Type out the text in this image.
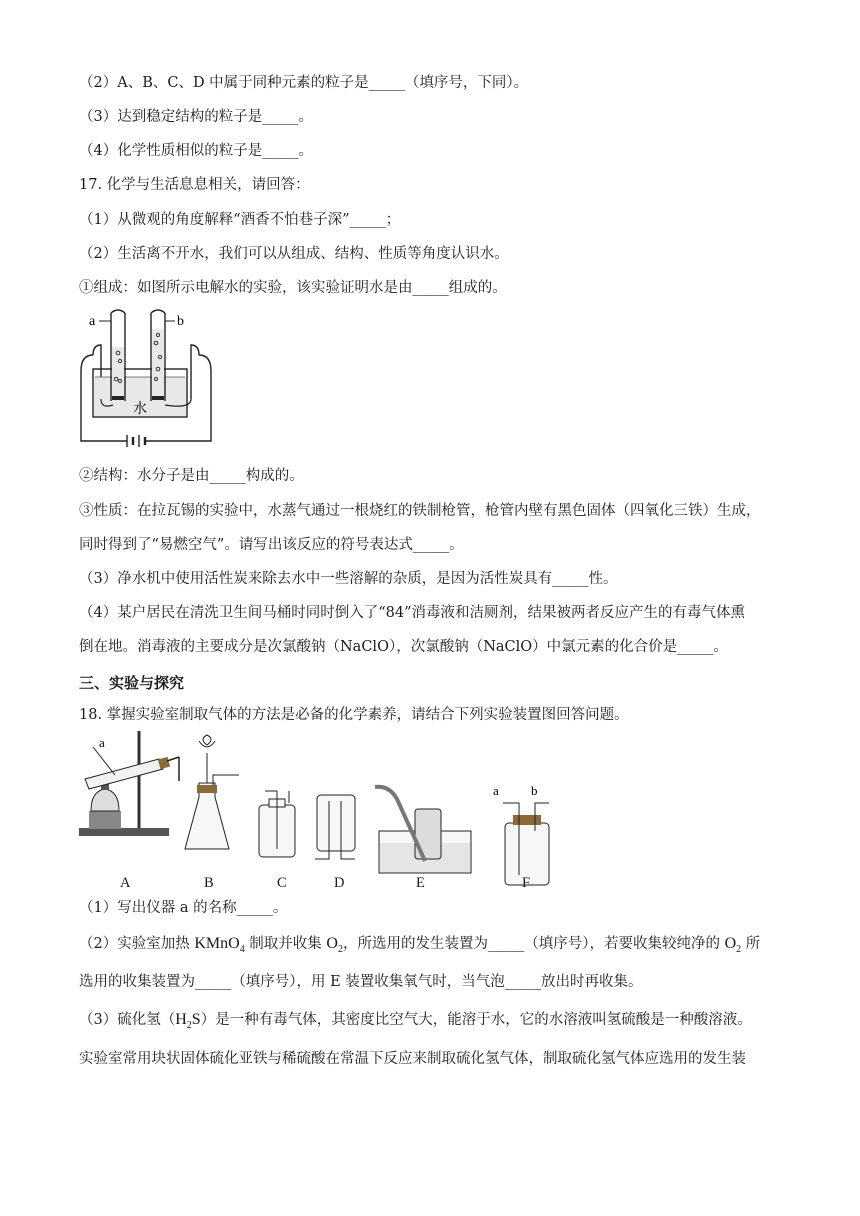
（2）A、B、C、D 中属于同种元素的粒子是_____（填序号，下同）。
（3）达到稳定结构的粒子是_____。
（4）化学性质相似的粒子是_____。
17. 化学与生活息息相关，请回答：
（1）从微观的角度解释“酒香不怕巷子深”_____；
（2）生活离不开水，我们可以从组成、结构、性质等角度认识水。
①组成：如图所示电解水的实验，该实验证明水是由_____组成的。
a	b
水
②结构：水分子是由_____构成的。
③性质：在拉瓦锡的实验中，水蒸气通过一根烧红的铁制枪管，枪管内壁有黑色固体（四氧化三铁）生成，
同时得到了“易燃空气”。请写出该反应的符号表达式_____。
（3）净水机中使用活性炭来除去水中一些溶解的杂质，是因为活性炭具有_____性。
（4）某户居民在清洗卫生间马桶时同时倒入了“84”消毒液和洁厕剂，结果被两者反应产生的有毒气体熏
倒在地。消毒液的主要成分是次氯酸钠（NaClO），次氯酸钠（NaClO）中氯元素的化合价是_____。
三、实验与探究
18. 掌握实验室制取气体的方法是必备的化学素养，请结合下列实验装置图回答问题。
a
a b
A	B	C	D	E	F
（1）写出仪器 a 的名称_____。
（2）实验室加热 KMnO$_4$ 制取并收集 $O_2$，所选用的发生装置为_____（填序号），若要收集较纯净的 $O_2$ 所
选用的收集装置为_____（填序号），用 E 装置收集氧气时，当气泡_____放出时再收集。
（3）硫化氢$(H_2S)$是一种有毒气体，其密度比空气大，能溶于水，它的水溶液叫氢硫酸是一种酸溶液。
实验室常用块状固体硫化亚铁与稀硫酸在常温下反应来制取硫化氢气体，制取硫化氢气体应选用的发生装
